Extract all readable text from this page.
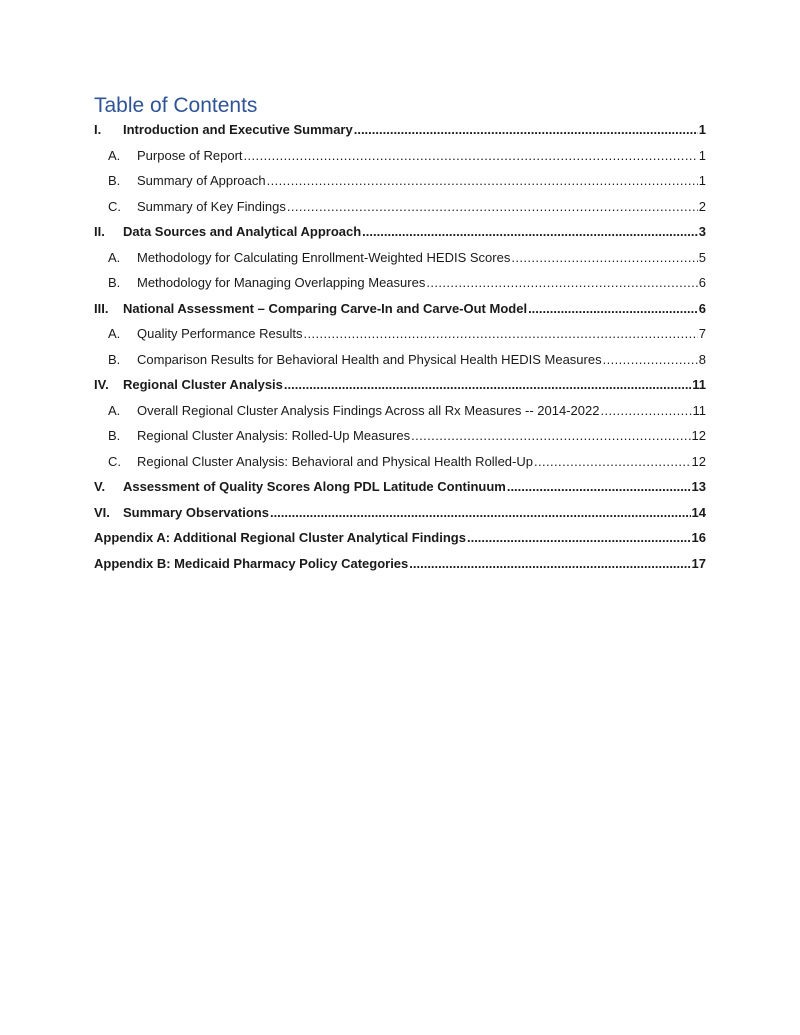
Table of Contents
I.	Introduction and Executive Summary .....	1
A.	Purpose of Report .....	1
B.	Summary of Approach .....	1
C.	Summary of Key Findings .....	2
II.	Data Sources and Analytical Approach .....	3
A.	Methodology for Calculating Enrollment-Weighted HEDIS Scores .....	5
B.	Methodology for Managing Overlapping Measures .....	6
III.	National Assessment – Comparing Carve-In and Carve-Out Model .....	6
A.	Quality Performance Results .....	7
B.	Comparison Results for Behavioral Health and Physical Health HEDIS Measures .....	8
IV.	Regional Cluster Analysis .....	11
A.	Overall Regional Cluster Analysis Findings Across all Rx Measures -- 2014-2022 .....	11
B.	Regional Cluster Analysis: Rolled-Up Measures .....	12
C.	Regional Cluster Analysis: Behavioral and Physical Health Rolled-Up .....	12
V.	Assessment of Quality Scores Along PDL Latitude Continuum .....	13
VI.	Summary Observations .....	14
Appendix A: Additional Regional Cluster Analytical Findings .....	16
Appendix B: Medicaid Pharmacy Policy Categories .....	17
